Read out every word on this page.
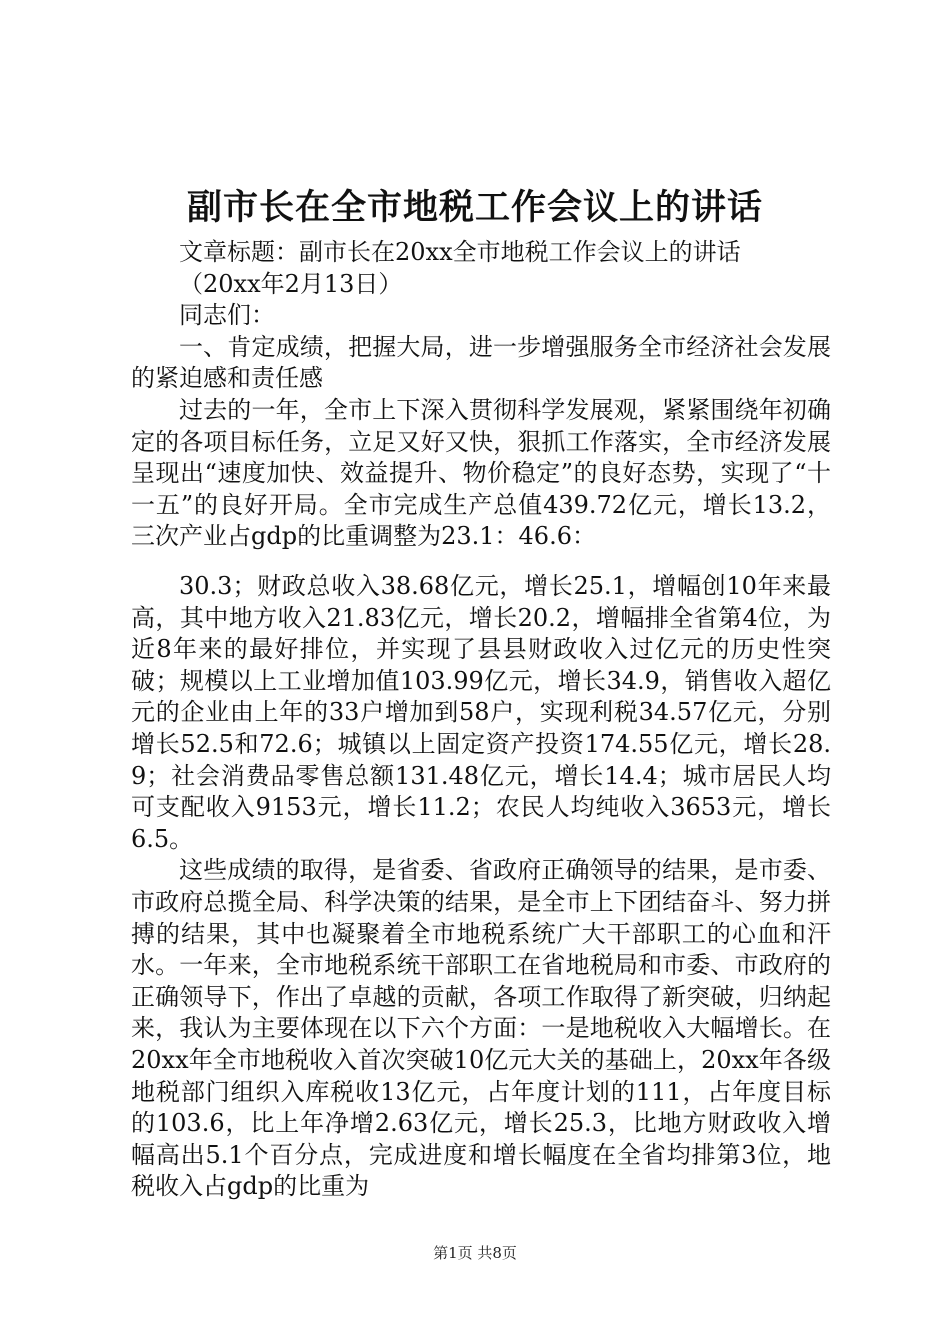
副市长在全市地税工作会议上的讲话

文章标题：副市长在20xx全市地税工作会议上的讲话

（20xx年2月13日）

同志们：

一、肯定成绩，把握大局，进一步增强服务全市经济社会发展的紧迫感和责任感

过去的一年，全市上下深入贯彻科学发展观，紧紧围绕年初确定的各项目标任务，立足又好又快，狠抓工作落实，全市经济发展呈现出“速度加快、效益提升、物价稳定”的良好态势，实现了“十一五”的良好开局。全市完成生产总值439.72亿元，增长13.2，三次产业占gdp的比重调整为23.1：46.6：

30.3；财政总收入38.68亿元，增长25.1，增幅创10年来最高，其中地方收入21.83亿元，增长20.2，增幅排全省第4位，为近8年来的最好排位，并实现了县县财政收入过亿元的历史性突破；规模以上工业增加值103.99亿元，增长34.9，销售收入超亿元的企业由上年的33户增加到58户，实现利税34.57亿元，分别增长52.5和72.6；城镇以上固定资产投资174.55亿元，增长28.9；社会消费品零售总额131.48亿元，增长14.4；城市居民人均可支配收入9153元，增长11.2；农民人均纯收入3653元，增长6.5。

这些成绩的取得，是省委、省政府正确领导的结果，是市委、市政府总揽全局、科学决策的结果，是全市上下团结奋斗、努力拼搏的结果，其中也凝聚着全市地税系统广大干部职工的心血和汗水。一年来，全市地税系统干部职工在省地税局和市委、市政府的正确领导下，作出了卓越的贡献，各项工作取得了新突破，归纳起来，我认为主要体现在以下六个方面：一是地税收入大幅增长。在20xx年全市地税收入首次突破10亿元大关的基础上，20xx年各级地税部门组织入库税收13亿元，占年度计划的111，占年度目标的103.6，比上年净增2.63亿元，增长25.3，比地方财政收入增幅高出5.1个百分点，完成进度和增长幅度在全省均排第3位，地税收入占gdp的比重为

第1页 共8页
